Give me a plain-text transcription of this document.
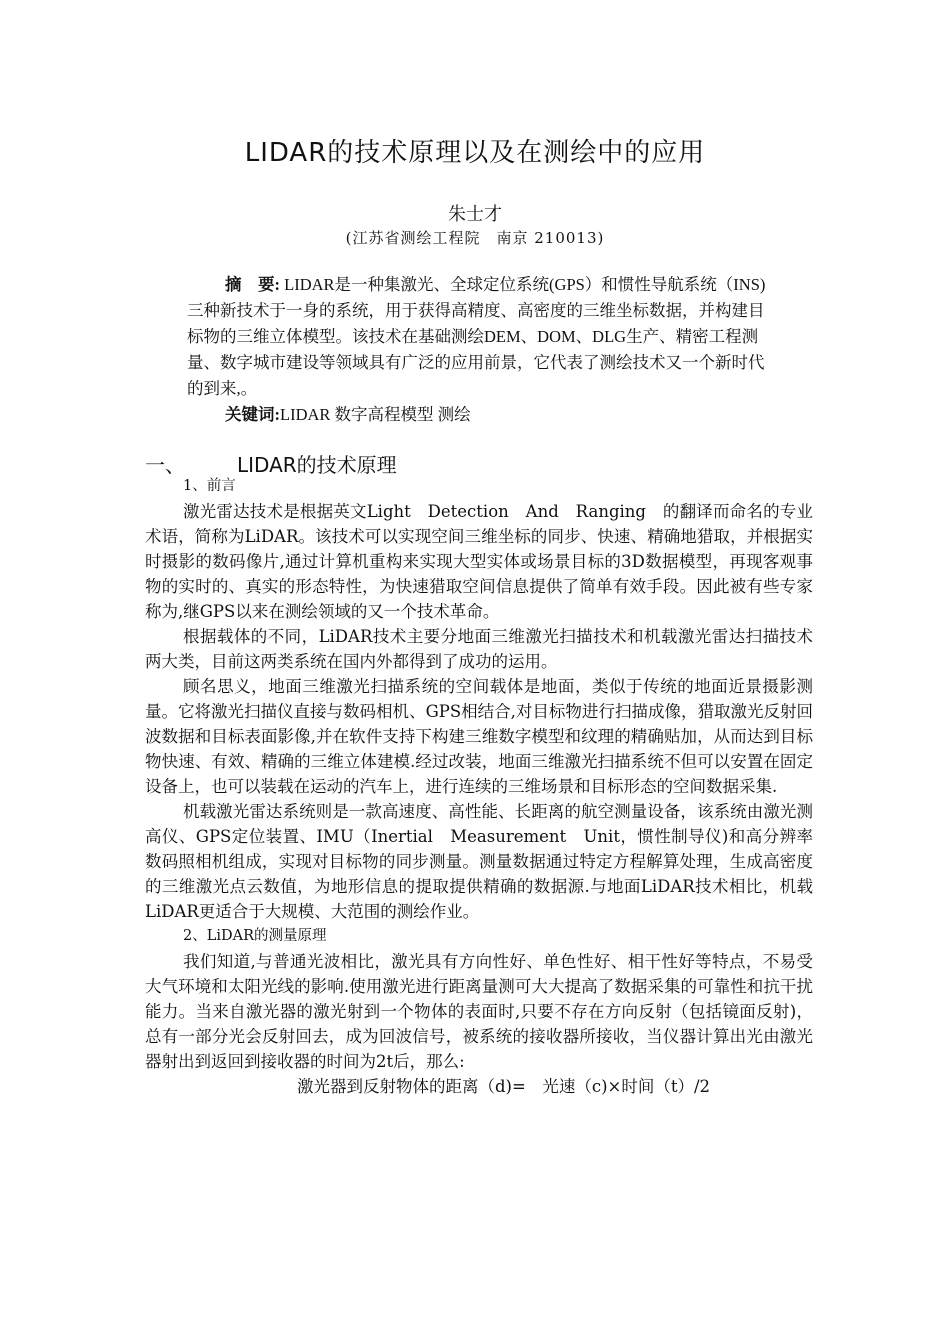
LIDAR的技术原理以及在测绘中的应用
朱士才
(江苏省测绘工程院　南京 210013)

摘　要: LIDAR是一种集激光、全球定位系统(GPS）和惯性导航系统（INS)三种新技术于一身的系统，用于获得高精度、高密度的三维坐标数据，并构建目标物的三维立体模型。该技术在基础测绘DEM、DOM、DLG生产、精密工程测量、数字城市建设等领域具有广泛的应用前景，它代表了测绘技术又一个新时代的到来,。

关键词:LIDAR 数字高程模型 测绘

一、	LIDAR的技术原理

1、前言

激光雷达技术是根据英文Light　Detection　And　Ranging　的翻译而命名的专业术语，简称为LiDAR。该技术可以实现空间三维坐标的同步、快速、精确地猎取，并根据实时摄影的数码像片,通过计算机重构来实现大型实体或场景目标的3D数据模型，再现客观事物的实时的、真实的形态特性，为快速猎取空间信息提供了简单有效手段。因此被有些专家称为,继GPS以来在测绘领域的又一个技术革命。

根据载体的不同，LiDAR技术主要分地面三维激光扫描技术和机载激光雷达扫描技术两大类，目前这两类系统在国内外都得到了成功的运用。

顾名思义，地面三维激光扫描系统的空间载体是地面，类似于传统的地面近景摄影测量。它将激光扫描仪直接与数码相机、GPS相结合,对目标物进行扫描成像，猎取激光反射回波数据和目标表面影像,并在软件支持下构建三维数字模型和纹理的精确贴加，从而达到目标物快速、有效、精确的三维立体建模.经过改装，地面三维激光扫描系统不但可以安置在固定设备上，也可以装载在运动的汽车上，进行连续的三维场景和目标形态的空间数据采集.

机载激光雷达系统则是一款高速度、高性能、长距离的航空测量设备，该系统由激光测高仪、GPS定位装置、IMU（Inertial　Measurement　Unit，惯性制导仪)和高分辨率数码照相机组成，实现对目标物的同步测量。测量数据通过特定方程解算处理，生成高密度的三维激光点云数值，为地形信息的提取提供精确的数据源.与地面LiDAR技术相比，机载LiDAR更适合于大规模、大范围的测绘作业。

2、LiDAR的测量原理

我们知道,与普通光波相比，激光具有方向性好、单色性好、相干性好等特点，不易受大气环境和太阳光线的影响.使用激光进行距离量测可大大提高了数据采集的可靠性和抗干扰能力。当来自激光器的激光射到一个物体的表面时,只要不存在方向反射（包括镜面反射)，总有一部分光会反射回去，成为回波信号，被系统的接收器所接收，当仪器计算出光由激光器射出到返回到接收器的时间为2t后，那么:

激光器到反射物体的距离（d)=　光速（c)×时间（t）/2
